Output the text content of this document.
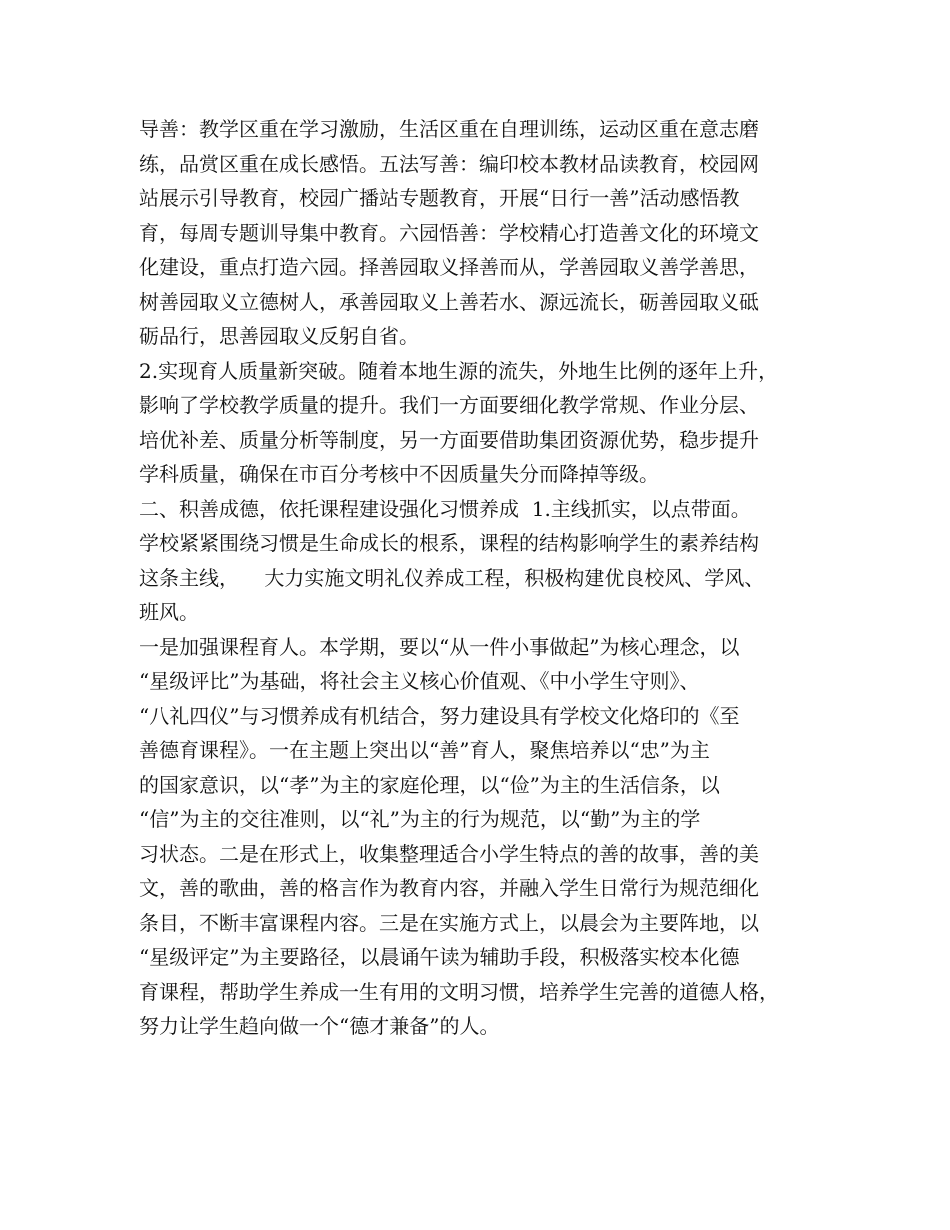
导善：教学区重在学习激励，生活区重在自理训练，运动区重在意志磨
练，品赏区重在成长感悟。五法写善：编印校本教材品读教育，校园网
站展示引导教育，校园广播站专题教育，开展“日行一善”活动感悟教
育，每周专题训导集中教育。六园悟善：学校精心打造善文化的环境文
化建设，重点打造六园。择善园取义择善而从，学善园取义善学善思，
树善园取义立德树人，承善园取义上善若水、源远流长，砺善园取义砥
砺品行，思善园取义反躬自省。
2.实现育人质量新突破。随着本地生源的流失，外地生比例的逐年上升，
影响了学校教学质量的提升。我们一方面要细化教学常规、作业分层、
培优补差、质量分析等制度，另一方面要借助集团资源优势，稳步提升
学科质量，确保在市百分考核中不因质量失分而降掉等级。
二、积善成德，依托课程建设强化习惯养成  1.主线抓实，以点带面。
学校紧紧围绕习惯是生命成长的根系，课程的结构影响学生的素养结构
这条主线，    大力实施文明礼仪养成工程，积极构建优良校风、学风、
班风。
一是加强课程育人。本学期，要以“从一件小事做起”为核心理念，以
“星级评比”为基础，将社会主义核心价值观、《中小学生守则》、
“八礼四仪”与习惯养成有机结合，努力建设具有学校文化烙印的《至
善德育课程》。一在主题上突出以“善”育人，聚焦培养以“忠”为主
的国家意识，以“孝”为主的家庭伦理，以“俭”为主的生活信条，以
“信”为主的交往准则，以“礼”为主的行为规范，以“勤”为主的学
习状态。二是在形式上，收集整理适合小学生特点的善的故事，善的美
文，善的歌曲，善的格言作为教育内容，并融入学生日常行为规范细化
条目，不断丰富课程内容。三是在实施方式上，以晨会为主要阵地，以
“星级评定”为主要路径，以晨诵午读为辅助手段，积极落实校本化德
育课程，帮助学生养成一生有用的文明习惯，培养学生完善的道德人格，
努力让学生趋向做一个“德才兼备”的人。
